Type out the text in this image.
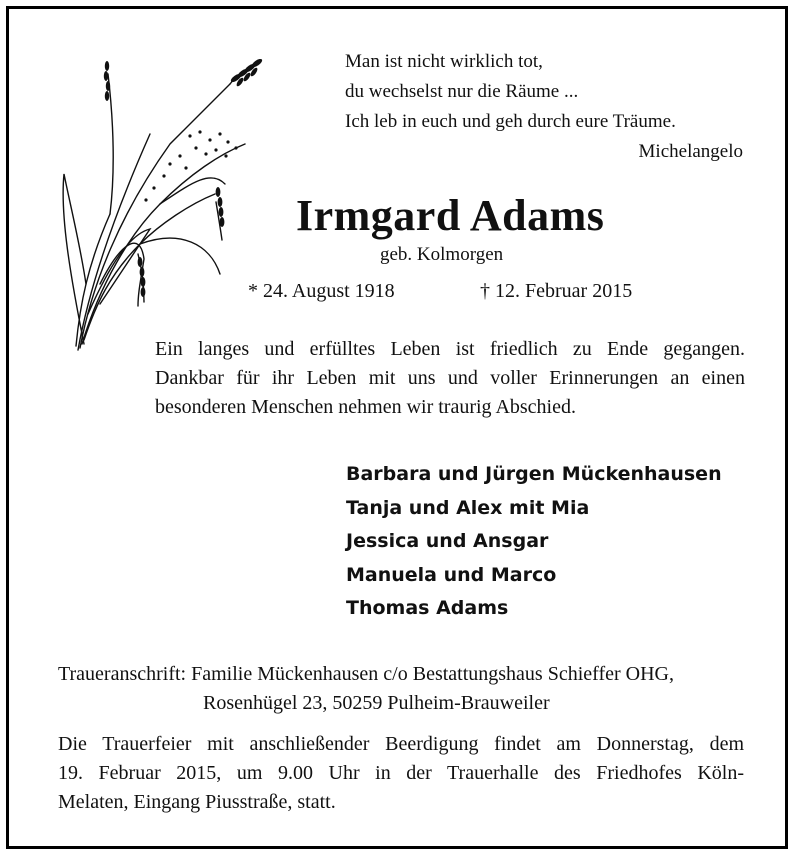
Man ist nicht wirklich tot,
du wechselst nur die Räume ...
Ich leb in euch und geh durch eure Träume.
Michelangelo
Irmgard Adams
geb. Kolmorgen
* 24. August 1918	† 12. Februar 2015
Ein langes und erfülltes Leben ist friedlich zu Ende gegangen.
Dankbar für ihr Leben mit uns und voller Erinnerungen an einen
besonderen Menschen nehmen wir traurig Abschied.
Barbara und Jürgen Mückenhausen
Tanja und Alex mit Mia
Jessica und Ansgar
Manuela und Marco
Thomas Adams
Traueranschrift: Familie Mückenhausen c/o Bestattungshaus Schieffer OHG,
Rosenhügel 23, 50259 Pulheim-Brauweiler
Die Trauerfeier mit anschließender Beerdigung findet am Donnerstag, dem
19. Februar 2015, um 9.00 Uhr in der Trauerhalle des Friedhofes Köln-
Melaten, Eingang Piusstraße, statt.
